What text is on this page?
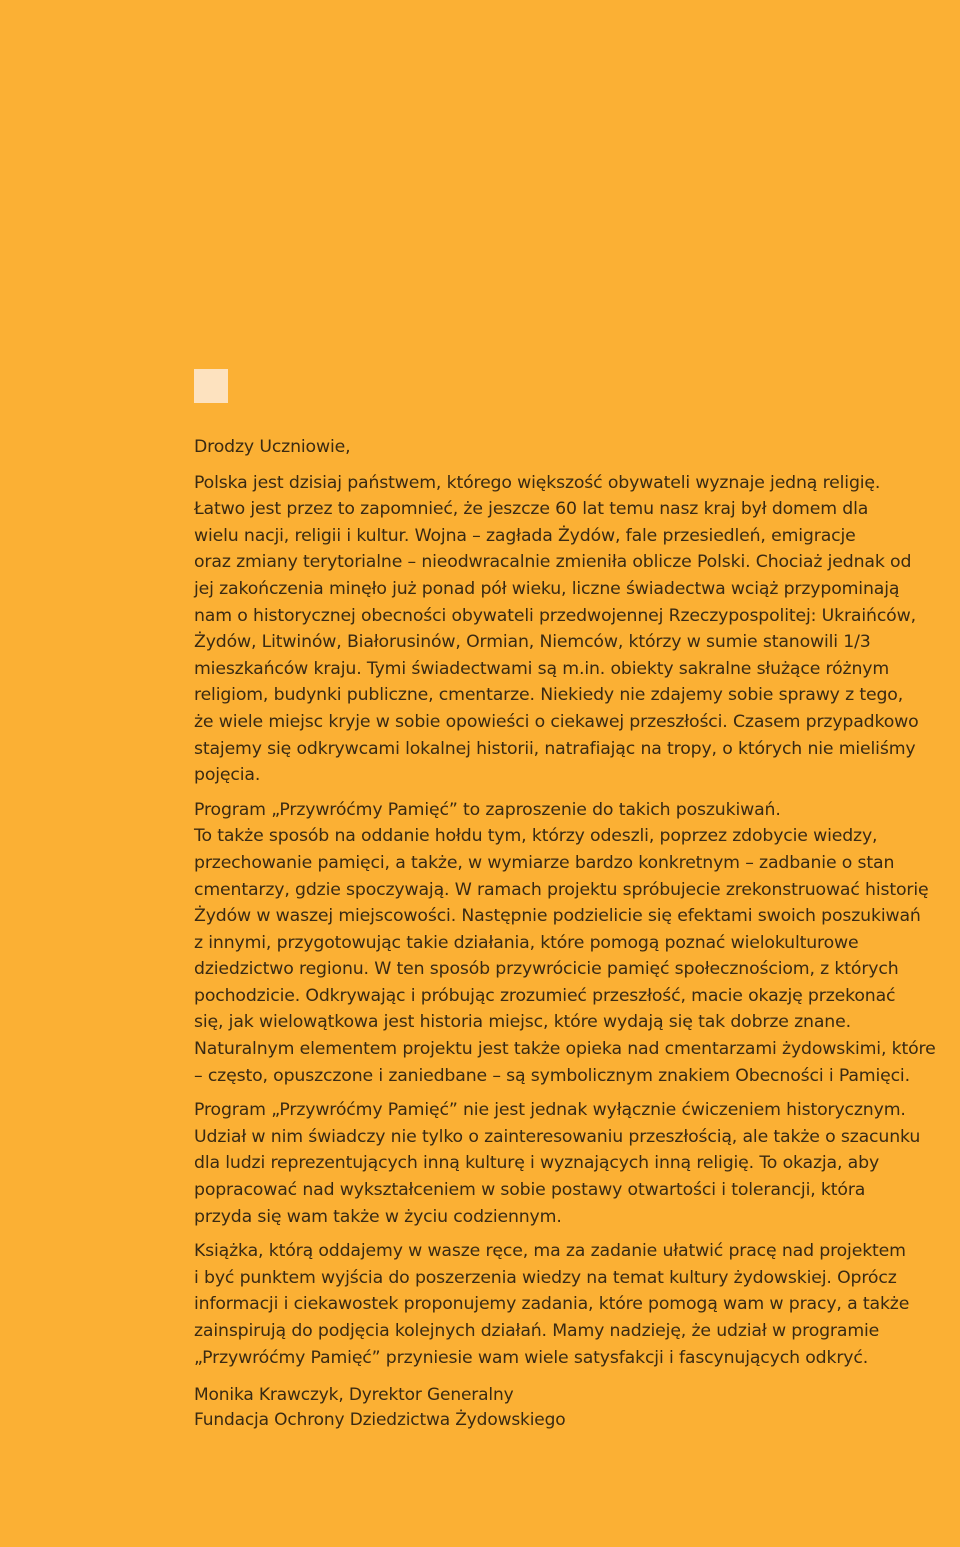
Drodzy Uczniowie,

Polska jest dzisiaj państwem, którego większość obywateli wyznaje jedną religię.
Łatwo jest przez to zapomnieć, że jeszcze 60 lat temu nasz kraj był domem dla
wielu nacji, religii i kultur. Wojna – zagłada Żydów, fale przesiedleń, emigracje
oraz zmiany terytorialne – nieodwracalnie zmieniła oblicze Polski. Chociaż jednak od
jej zakończenia minęło już ponad pół wieku, liczne świadectwa wciąż przypominają
nam o historycznej obecności obywateli przedwojennej Rzeczypospolitej: Ukraińców,
Żydów, Litwinów, Białorusinów, Ormian, Niemców, którzy w sumie stanowili 1/3
mieszkańców kraju. Tymi świadectwami są m.in. obiekty sakralne służące różnym
religiom, budynki publiczne, cmentarze. Niekiedy nie zdajemy sobie sprawy z tego,
że wiele miejsc kryje w sobie opowieści o ciekawej przeszłości. Czasem przypadkowo
stajemy się odkrywcami lokalnej historii, natrafiając na tropy, o których nie mieliśmy
pojęcia.

Program „Przywróćmy Pamięć” to zaproszenie do takich poszukiwań.
To także sposób na oddanie hołdu tym, którzy odeszli, poprzez zdobycie wiedzy,
przechowanie pamięci, a także, w wymiarze bardzo konkretnym – zadbanie o stan
cmentarzy, gdzie spoczywają. W ramach projektu spróbujecie zrekonstruować historię
Żydów w waszej miejscowości. Następnie podzielicie się efektami swoich poszukiwań
z innymi, przygotowując takie działania, które pomogą poznać wielokulturowe
dziedzictwo regionu. W ten sposób przywrócicie pamięć społecznościom, z których
pochodzicie. Odkrywając i próbując zrozumieć przeszłość, macie okazję przekonać
się, jak wielowątkowa jest historia miejsc, które wydają się tak dobrze znane.
Naturalnym elementem projektu jest także opieka nad cmentarzami żydowskimi, które
– często, opuszczone i zaniedbane – są symbolicznym znakiem Obecności i Pamięci.

Program „Przywróćmy Pamięć” nie jest jednak wyłącznie ćwiczeniem historycznym.
Udział w nim świadczy nie tylko o zainteresowaniu przeszłością, ale także o szacunku
dla ludzi reprezentujących inną kulturę i wyznających inną religię. To okazja, aby
popracować nad wykształceniem w sobie postawy otwartości i tolerancji, która
przyda się wam także w życiu codziennym.

Książka, którą oddajemy w wasze ręce, ma za zadanie ułatwić pracę nad projektem
i być punktem wyjścia do poszerzenia wiedzy na temat kultury żydowskiej. Oprócz
informacji i ciekawostek proponujemy zadania, które pomogą wam w pracy, a także
zainspirują do podjęcia kolejnych działań. Mamy nadzieję, że udział w programie
„Przywróćmy Pamięć” przyniesie wam wiele satysfakcji i fascynujących odkryć.

Monika Krawczyk, Dyrektor Generalny
Fundacja Ochrony Dziedzictwa Żydowskiego
